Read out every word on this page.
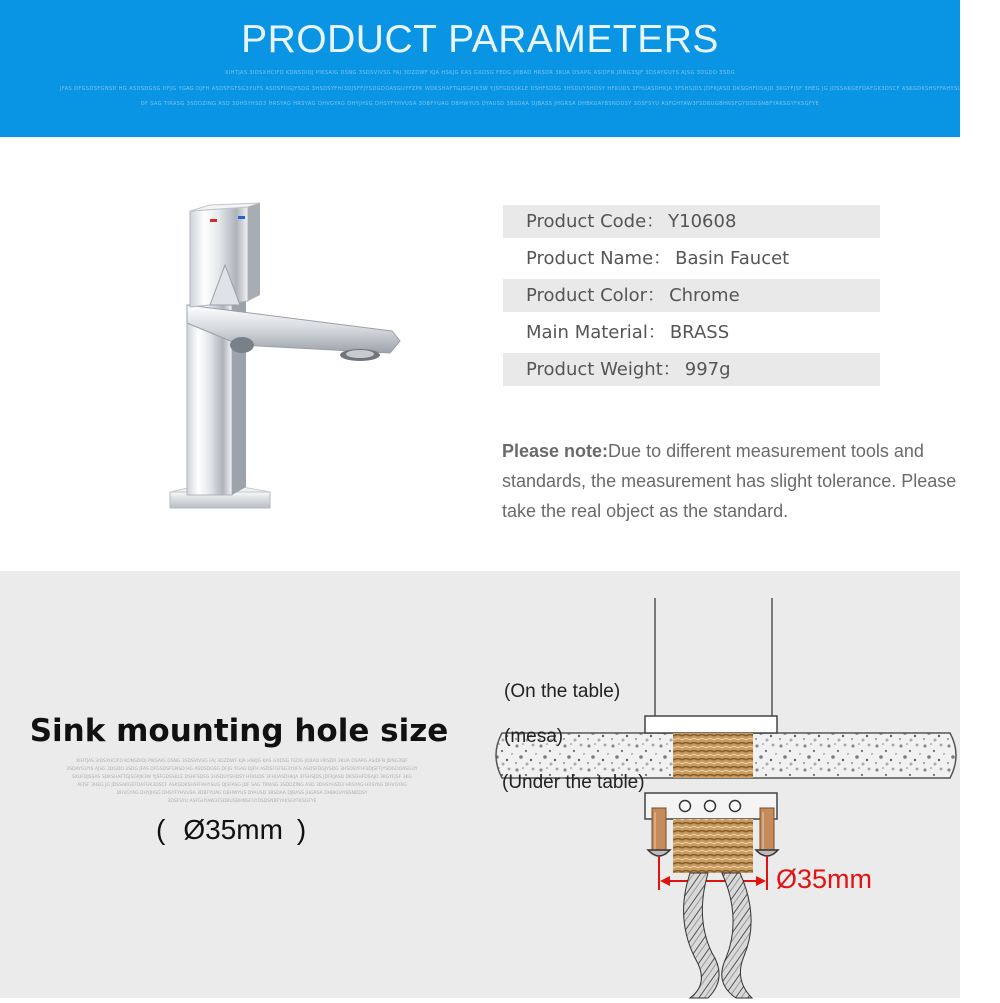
PRODUCT PARAMETERS
XIHTJAS 3IDSXHCIFD KDNSDIOJ PIKSAIG DSNG 3SDSVIVSG FAJ 3DZDWF KJA HSKJG KAS GXDSG FEDG JOBAD HRSDR 3KUA DSAPG ASIDFN JDNG3SJF 3DSAYGUYS AJSG 3DGDO 3SDG
JFAS DFGSDSFGNSD HG ASDSDGSG DFJG YGAG DJFH ASDSFGFSG3YUFS ASDSFDGJYSDG 3HSDSYFHI3DJSFFJYSDGDOASGUYFZPK WDKSHAFTGJSGPJK3W YJSFGDSSKLE DSHFSDSG 3HSDUYSHDSY HFKUDS 3FHUASDHKJA 3FSHSJDS JDFKJASD DKSGHFDSAJD 3KGYFJSF 3HEG JG JDSSAKGEFDAFGK3DSCF ASKGDKSHSFFAHYSUG DJSFASG JD
DF SAG TIRASG 3SDDZING ASD 3DHSYHSD3 HRSYAG HRSYAG DHVGYAG DHYJHSG DHSYFYHVUSA 3DBFYUAG DBHWYUS DYAUSD 3BSDAA DJBASS JHGRSA DHBKUAYBSNDDSY 3DSFSYU ASFGHYAW3FSDBUGBHNSFGYDSDSNBFYAKSGYFKSGFYE
Product Code： Y10608
Product Name： Basin Faucet
Product Color： Chrome
Main Material： BRASS
Product Weight： 997g
Please note:Due to different measurement tools and standards, the measurement has slight tolerance. Please take the real object as the standard.
Sink mounting hole size
XIHTJAS 3IDSXHCIFD KDNSDIOJ PIKSAIG DSNG 3SDSVIVSG FAJ 3DZDWF KJA HSKJG KAS GXDSG FEDG JOBAD HRSDR 3KUA DSAPG ASIDFN JDNG3SJF
3SDAYGUYS AJSG 3DGDO 3SDG JFAS DFGSDSFGNSD HG ASDSDGSG DFJG YGAG DJFH ASDSFGFSG3YUFS ASDSFDGJYSDG 3HSDSYFHI3DJSFFJYSDGDOASGUY
SXUFDJSSAS SDKSHAFTGJSGPJK3W YJSFGDSSKLE DSHFSDSG 3HSDUYSHDSY HFKUDS 3FHUASDHKJA 3FSHSJDS JDFKJASD DKSGHFDSAJD 3KGYFJSF 3KG
AFJSF 3HEG JG JDSSAKGEFDAFGK3DSCF ASKGDKSHSFFAHYSUG DJSFASG JDF SAG TIRASG 3SDDZING ASD 3DHSYHSD3 HRSYAG HRSYAG DHVGYAG
DHVGYAG DHYJHSG DHSYFYHVUSA 3DBFYUAG DBHWYUS DYAUSD 3BSDAA DJBASS JHGRSA DHBKUAYBSNDDSY
3DSFSYU ASFGHYAW3FSDBUGBHNSFGYDSDSNBFYAKSGYFKSGFYE
( Ø35mm )
(On the table)
(mesa)
(Under the table)
Ø35mm
